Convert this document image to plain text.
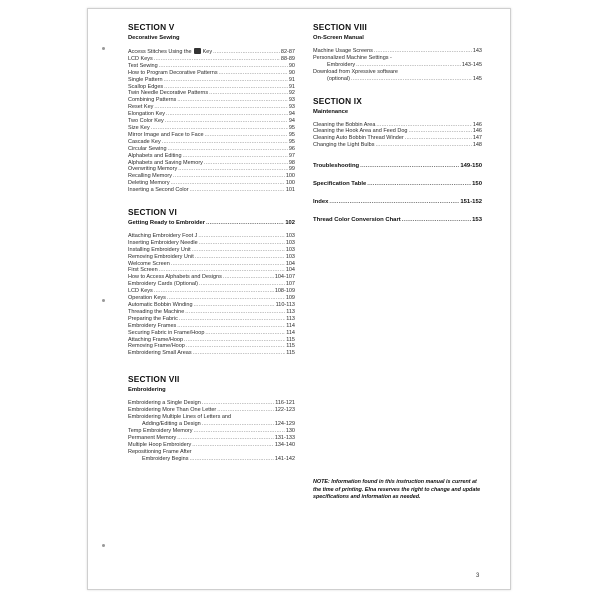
SECTION V
Decorative Sewing
Access Stitches Using the Key .....	82-87
LCD Keys .....	88-89
Test Sewing .....	90
How to Program Decorative Patterns .....	90
Single Pattern .....	91
Scallop Edges .....	91
Twin Needle Decorative Patterns .....	92
Combining Patterns .....	93
Reset Key .....	93
Elongation Key .....	94
Two Color Key .....	94
Size Key .....	95
Mirror Image and Face to Face .....	95
Cascade Key .....	95
Circular Sewing .....	96
Alphabets and Editing .....	97
Alphabets and Saving Memory .....	98
Overwriting Memory .....	99
Recalling Memory .....	100
Deleting Memory .....	100
Inserting a Second Color .....	101
SECTION VI
Getting Ready to Embroider .....	102
Attaching Embroidery Foot J .....	103
Inserting Embroidery Needle .....	103
Installing Embroidery Unit .....	103
Removing Embroidery Unit .....	103
Welcome Screen .....	104
First Screen .....	104
How to Access Alphabets and Designs .....	104-107
Embroidery Cards (Optional) .....	107
LCD Keys .....	108-109
Operation Keys .....	109
Automatic Bobbin Winding .....	110-113
Threading the Machine .....	113
Preparing the Fabric .....	113
Embroidery Frames .....	114
Securing Fabric in Frame/Hoop .....	114
Attaching Frame/Hoop .....	115
Removing Frame/Hoop .....	115
Embroidering Small Areas .....	115
SECTION VII
Embroidering
Embroidering a Single Design .....	116-121
Embroidering More Than One Letter .....	122-123
Embroidering Multiple Lines of Letters and
Adding/Editing a Design .....	124-129
Temp Embroidery Memory .....	130
Permanent Memory .....	131-133
Multiple Hoop Embroidery .....	134-140
Repositioning Frame After
Embroidery Begins .....	141-142
SECTION VIII
On-Screen Manual
Machine Usage Screens .....	143
Personalized Machine Settings -
Embroidery .....	143-145
Download from Xpressive software
(optional) .....	145
SECTION IX
Maintenance
Cleaning the Bobbin Area .....	146
Cleaning the Hook Area and Feed Dog .....	146
Cleaning Auto Bobbin Thread Winder .....	147
Changing the Light Bulbs .....	148
Troubleshooting .....	149-150
Specification Table .....	150
Index .....	151-152
Thread Color Conversion Chart .....	153
NOTE: Information found in this instruction manual is current at the time of printing. Elna reserves the right to change and update specifications and information as needed.
3
